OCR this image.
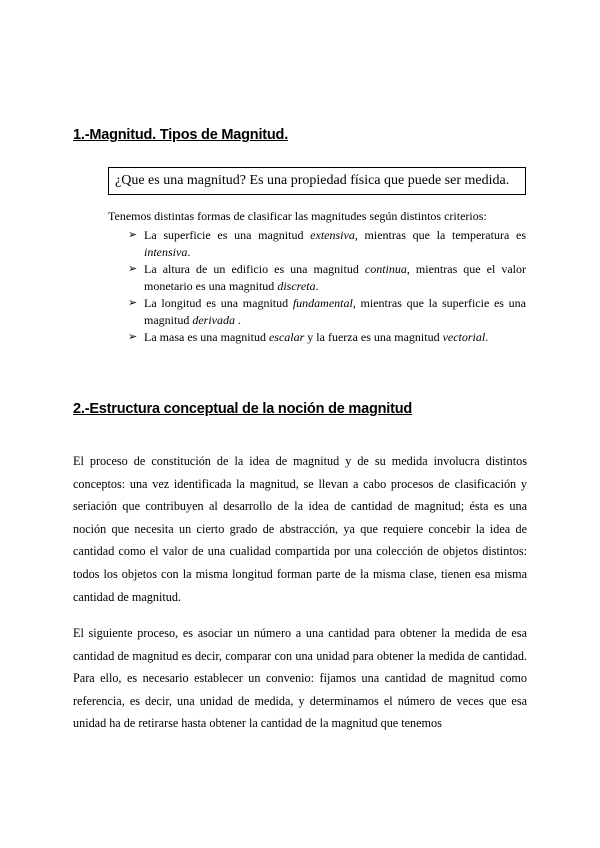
1.-Magnitud. Tipos de Magnitud.
¿Que es una magnitud? Es una propiedad física que puede ser medida.
Tenemos distintas formas de clasificar las magnitudes según distintos criterios:
➢ La superficie es una magnitud extensiva, mientras que la temperatura es intensiva.
➢ La altura de un edificio es una magnitud continua, mientras que el valor monetario es una magnitud discreta.
➢ La longitud es una magnitud fundamental, mientras que la superficie es una magnitud derivada .
➢ La masa es una magnitud escalar y la fuerza es una magnitud vectorial.
2.-Estructura conceptual de la noción de magnitud

El proceso de constitución de la idea de magnitud y de su medida involucra distintos conceptos: una vez identificada la magnitud, se llevan a cabo procesos de clasificación y seriación que contribuyen al desarrollo de la idea de cantidad de magnitud; ésta es una noción que necesita un cierto grado de abstracción, ya que requiere concebir la idea de cantidad como el valor de una cualidad compartida por una colección de objetos distintos: todos los objetos con la misma longitud forman parte de la misma clase, tienen esa misma cantidad de magnitud.

El siguiente proceso, es asociar un número a una cantidad para obtener la medida de esa cantidad de magnitud es decir, comparar con una unidad para obtener la medida de cantidad. Para ello, es necesario establecer un convenio: fijamos una cantidad de magnitud como referencia, es decir, una unidad de medida, y determinamos el número de veces que esa unidad ha de retirarse hasta obtener la cantidad de la magnitud que tenemos
